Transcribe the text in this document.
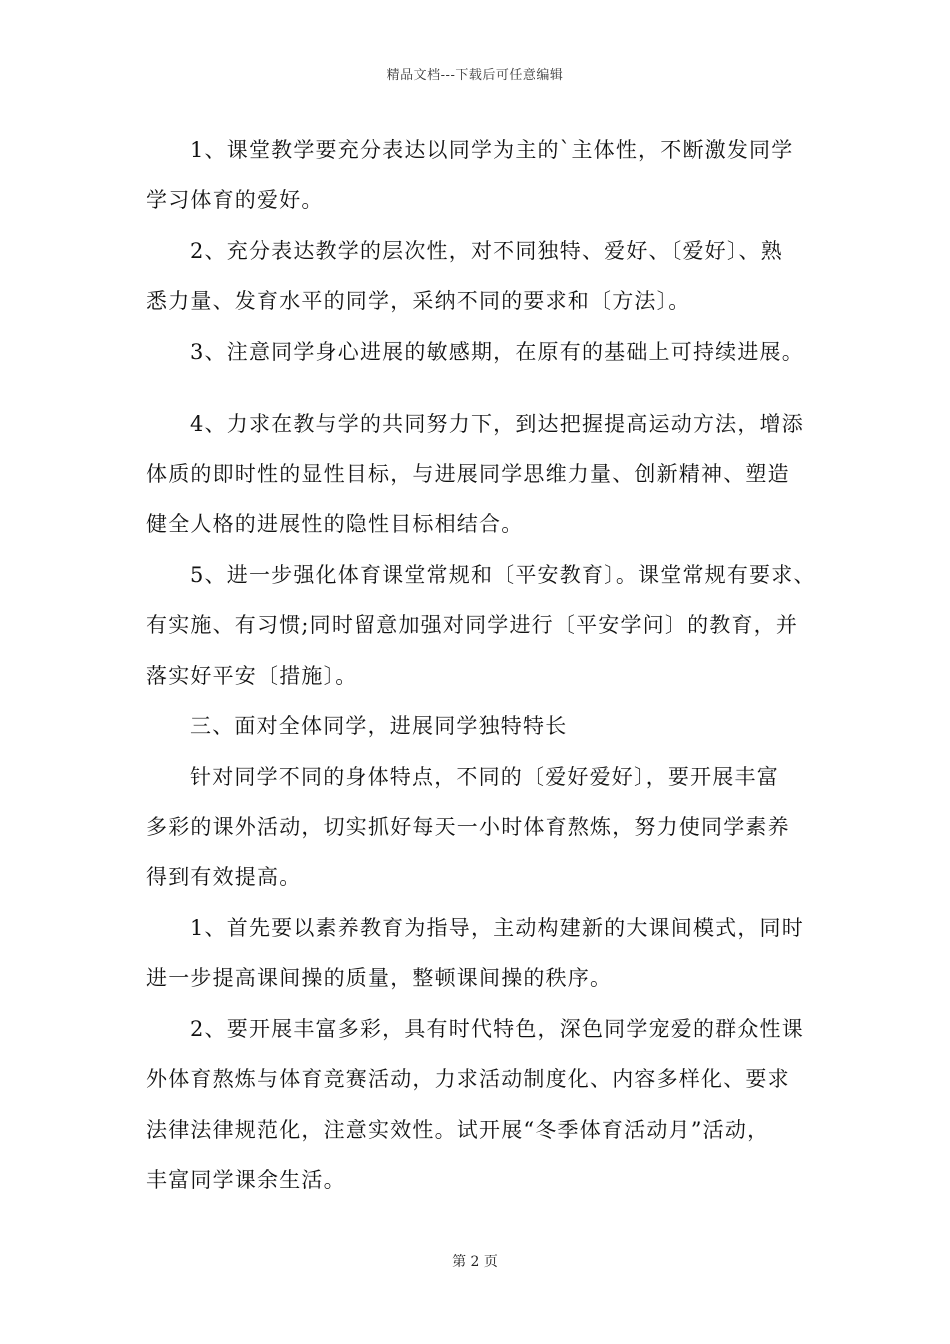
精品文档---下载后可任意编辑
1、课堂教学要充分表达以同学为主的`主体性，不断激发同学
学习体育的爱好。
2、充分表达教学的层次性，对不同独特、爱好、〔爱好〕、熟
悉力量、发育水平的同学，采纳不同的要求和〔方法〕。
3、注意同学身心进展的敏感期，在原有的基础上可持续进展。
4、力求在教与学的共同努力下，到达把握提高运动方法，增添
体质的即时性的显性目标，与进展同学思维力量、创新精神、塑造
健全人格的进展性的隐性目标相结合。
5、进一步强化体育课堂常规和〔平安教育〕。课堂常规有要求、
有实施、有习惯;同时留意加强对同学进行〔平安学问〕的教育，并
落实好平安〔措施〕。
三、面对全体同学，进展同学独特特长
针对同学不同的身体特点，不同的〔爱好爱好〕，要开展丰富
多彩的课外活动，切实抓好每天一小时体育熬炼，努力使同学素养
得到有效提高。
1、首先要以素养教育为指导，主动构建新的大课间模式，同时
进一步提高课间操的质量，整顿课间操的秩序。
2、要开展丰富多彩，具有时代特色，深色同学宠爱的群众性课
外体育熬炼与体育竞赛活动，力求活动制度化、内容多样化、要求
法律法律规范化，注意实效性。试开展“冬季体育活动月”活动，
丰富同学课余生活。
第 2 页
